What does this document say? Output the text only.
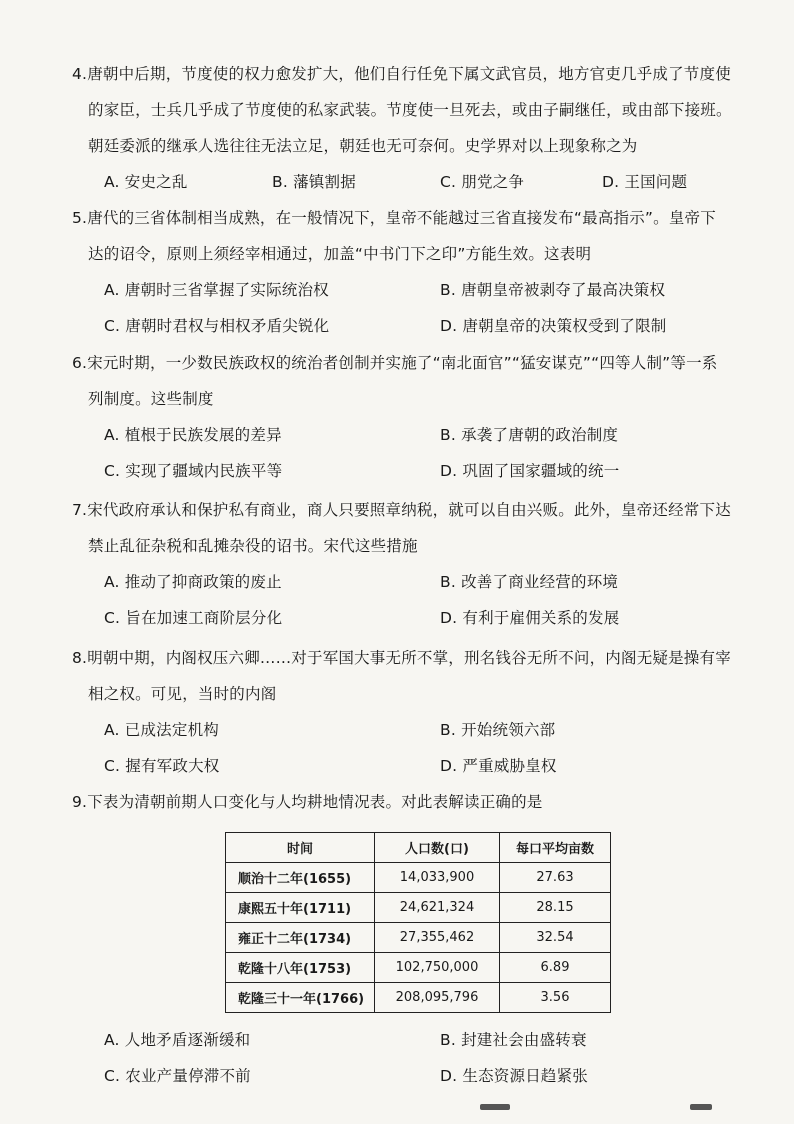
4.唐朝中后期，节度使的权力愈发扩大，他们自行任免下属文武官员，地方官吏几乎成了节度使
的家臣，士兵几乎成了节度使的私家武装。节度使一旦死去，或由子嗣继任，或由部下接班。
朝廷委派的继承人选往往无法立足，朝廷也无可奈何。史学界对以上现象称之为

A. 安史之乱	B. 藩镇割据	C. 朋党之争	D. 王国问题

5.唐代的三省体制相当成熟，在一般情况下，皇帝不能越过三省直接发布“最高指示”。皇帝下
达的诏令，原则上须经宰相通过，加盖“中书门下之印”方能生效。这表明

A. 唐朝时三省掌握了实际统治权	B. 唐朝皇帝被剥夺了最高决策权
C. 唐朝时君权与相权矛盾尖锐化	D. 唐朝皇帝的决策权受到了限制

6.宋元时期，一少数民族政权的统治者创制并实施了“南北面官”“猛安谋克”“四等人制”等一系
列制度。这些制度

A. 植根于民族发展的差异	B. 承袭了唐朝的政治制度
C. 实现了疆域内民族平等	D. 巩固了国家疆域的统一

7.宋代政府承认和保护私有商业，商人只要照章纳税，就可以自由兴贩。此外，皇帝还经常下达
禁止乱征杂税和乱摊杂役的诏书。宋代这些措施

A. 推动了抑商政策的废止	B. 改善了商业经营的环境
C. 旨在加速工商阶层分化	D. 有利于雇佣关系的发展

8.明朝中期，内阁权压六卿……对于军国大事无所不掌，刑名钱谷无所不问，内阁无疑是操有宰
相之权。可见，当时的内阁

A. 已成法定机构	B. 开始统领六部
C. 握有军政大权	D. 严重威胁皇权

9.下表为清朝前期人口变化与人均耕地情况表。对此表解读正确的是

时间	人口数(口)	每口平均亩数
顺治十二年(1655)	14,033,900	27.63
康熙五十年(1711)	24,621,324	28.15
雍正十二年(1734)	27,355,462	32.54
乾隆十八年(1753)	102,750,000	6.89
乾隆三十一年(1766)	208,095,796	3.56
A. 人地矛盾逐渐缓和	B. 封建社会由盛转衰
C. 农业产量停滞不前	D. 生态资源日趋紧张
